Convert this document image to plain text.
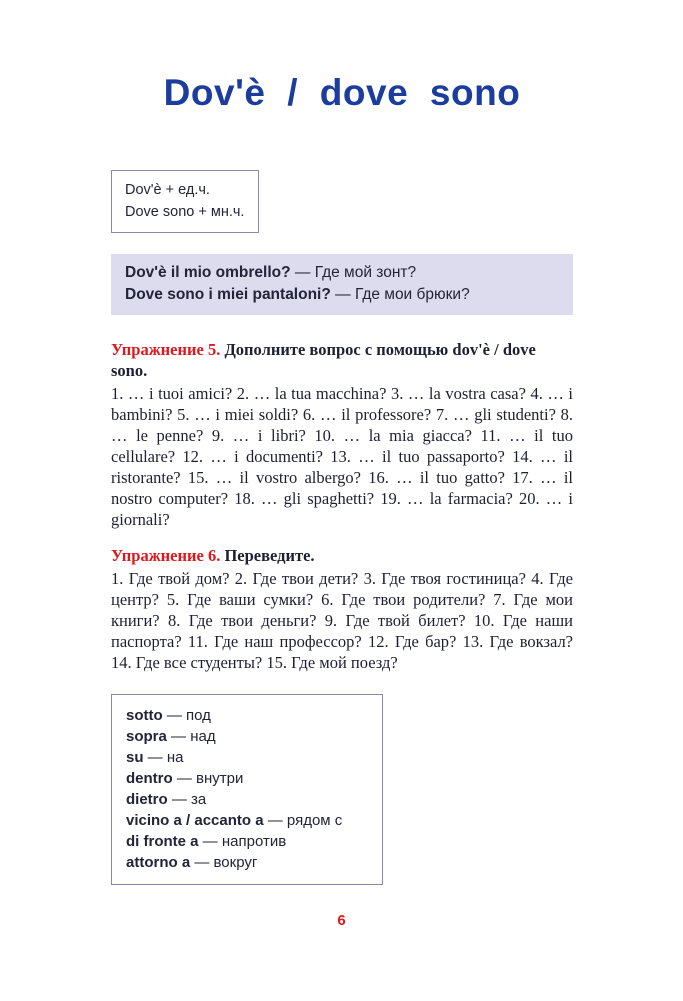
Dov'è / dove sono
Dov'è + ед.ч.
Dove sono + мн.ч.
Dov'è il mio ombrello? — Где мой зонт?
Dove sono i miei pantaloni? — Где мои брюки?

Упражнение 5. Дополните вопрос с помощью dov'è / dove sono.

1. … i tuoi amici? 2. … la tua macchina? 3. … la vostra casa? 4. … i bambini? 5. … i miei soldi? 6. … il professore? 7. … gli studenti? 8. … le penne? 9. … i libri? 10. … la mia giacca? 11. … il tuo cellulare? 12. … i documenti? 13. … il tuo passaporto? 14. … il ristorante? 15. … il vostro albergo? 16. … il tuo gatto? 17. … il nostro computer? 18. … gli spaghetti? 19. … la farmacia? 20. … i giornali?

Упражнение 6. Переведите.

1. Где твой дом? 2. Где твои дети? 3. Где твоя гостиница? 4. Где центр? 5. Где ваши сумки? 6. Где твои родители? 7. Где мои книги? 8. Где твои деньги? 9. Где твой билет? 10. Где наши паспорта? 11. Где наш профессор? 12. Где бар? 13. Где вокзал? 14. Где все студенты? 15. Где мой поезд?

sotto — под
sopra — над
su — на
dentro — внутри
dietro — за
vicino a / accanto a — рядом с
di fronte a — напротив
attorno a — вокруг
6
